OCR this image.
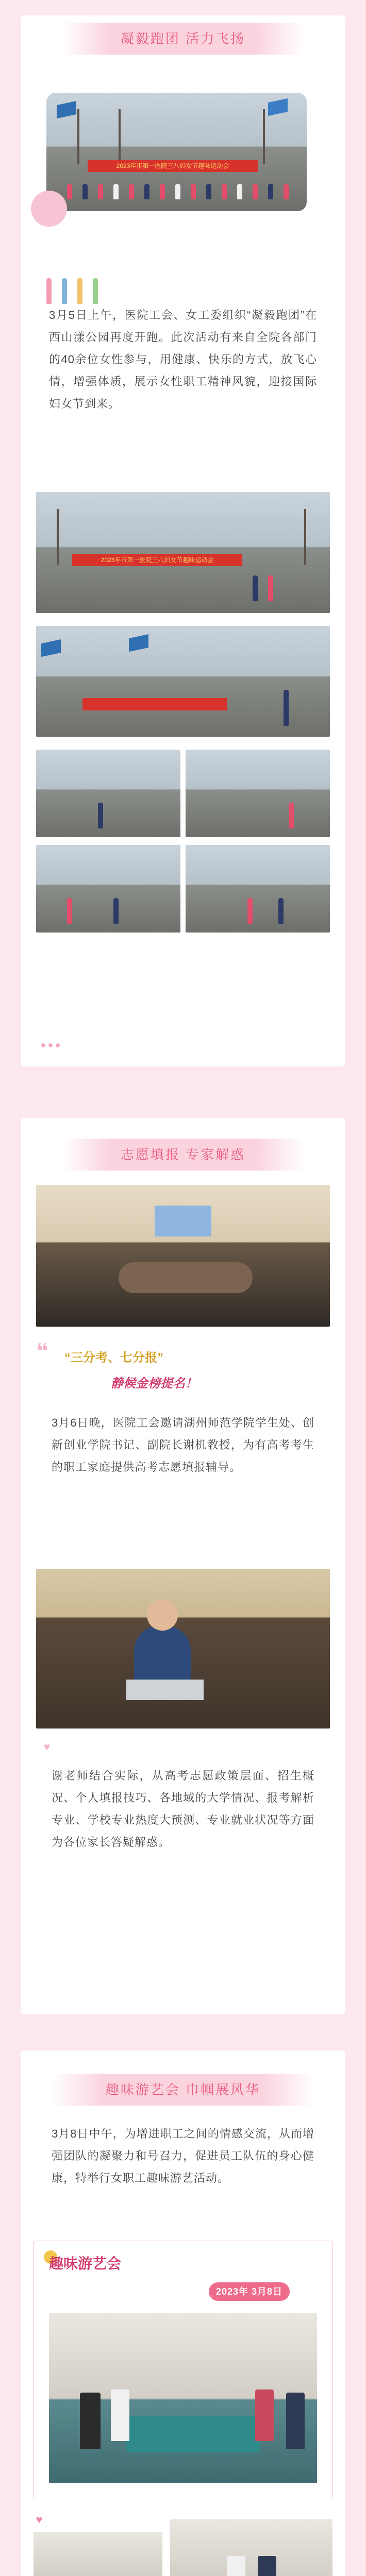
凝毅跑团 活力飞扬
2023年市第一医院三八妇女节趣味运动会

3月5日上午，医院工会、女工委组织“凝毅跑团”在西山漾公园再度开跑。此次活动有来自全院各部门的40余位女性参与，用健康、快乐的方式，放飞心情，增强体质，展示女性职工精神风貌，迎接国际妇女节到来。

2023年市第一医院三八妇女节趣味运动会
志愿填报 专家解惑
❝ “三分考、七分报”
静候金榜提名！

3月6日晚，医院工会邀请湖州师范学院学生处、创新创业学院书记、副院长谢机教授，为有高考考生的职工家庭提供高考志愿填报辅导。

♥

谢老师结合实际，从高考志愿政策层面、招生概况、个人填报技巧、各地域的大学情况、报考解析专业、学校专业热度大预测、专业就业状况等方面为各位家长答疑解惑。

趣味游艺会 巾帼展风华

3月8日中午，为增进职工之间的情感交流，从而增强团队的凝聚力和号召力，促进员工队伍的身心健康，特举行女职工趣味游艺活动。

趣味游艺会
2023年 3月8日
♥
